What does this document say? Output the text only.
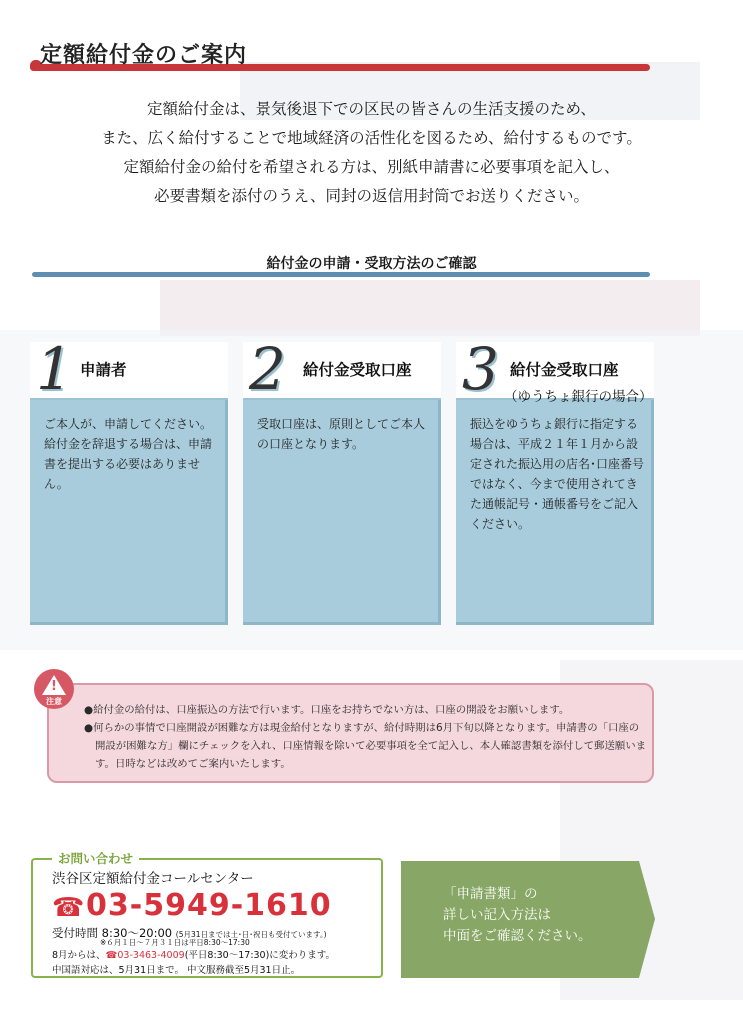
定額給付金のご案内
定額給付金は、景気後退下での区民の皆さんの生活支援のため、
また、広く給付することで地域経済の活性化を図るため、給付するものです。
定額給付金の給付を希望される方は、別紙申請書に必要事項を記入し、
必要書類を添付のうえ、同封の返信用封筒でお送りください。
給付金の申請・受取方法のご確認
1 申請者
ご本人が、申請してください。給付金を辞退する場合は、申請書を提出する必要はありません。
2 給付金受取口座
受取口座は、原則としてご本人の口座となります。
3 給付金受取口座
（ゆうちょ銀行の場合）
振込をゆうちょ銀行に指定する場合は、平成２１年１月から設定された振込用の店名･口座番号ではなく、今まで使用されてきた通帳記号・通帳番号をご記入ください。
!
注意
●給付金の給付は、口座振込の方法で行います。口座をお持ちでない方は、口座の開設をお願いします。
●何らかの事情で口座開設が困難な方は現金給付となりますが、給付時期は6月下旬以降となります。申請書の「口座の開設が困難な方」欄にチェックを入れ、口座情報を除いて必要事項を全て記入し、本人確認書類を添付して郵送願います。日時などは改めてご案内いたします。
お問い合わせ
渋谷区定額給付金コールセンター
☎ 03-5949-1610
受付時間 8:30～20:00 (5月31日までは土･日･祝日も受付ています。)
※６月１日～７月３１日は平日8:30～17:30
8月からは、☎03-3463-4009(平日8:30～17:30)に変わります。
中国語対応は、5月31日まで。 中文服務截至5月31日止。
「申請書類」の
詳しい記入方法は
中面をご確認ください。
